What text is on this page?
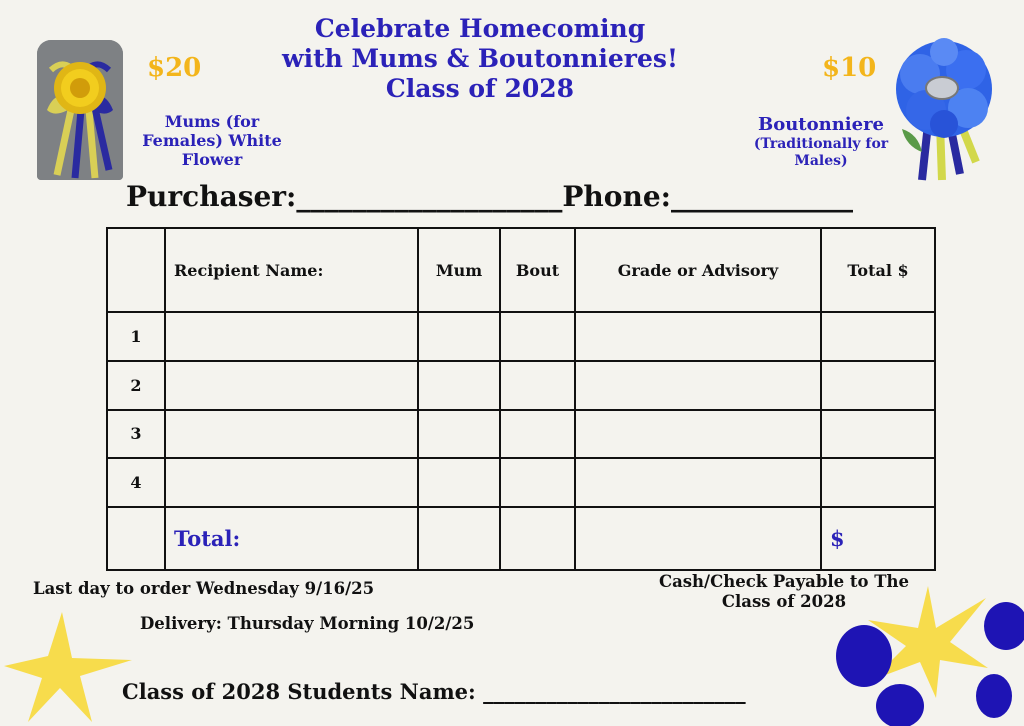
Celebrate Homecoming
with Mums & Boutonnieres!
Class of 2028
$20
Mums (for
Females) White
Flower
$10
Boutonniere
(Traditionally for
Males)
Purchaser:___________________Phone:_____________
	Recipient Name:	Mum	Bout	Grade or Advisory	Total $
1					
2					
3					
4					
	Total:				$
Last day to order Wednesday 9/16/25	Cash/Check Payable to The
Class of 2028
Delivery: Thursday Morning 10/2/25
Class of 2028 Students Name: _________________________
